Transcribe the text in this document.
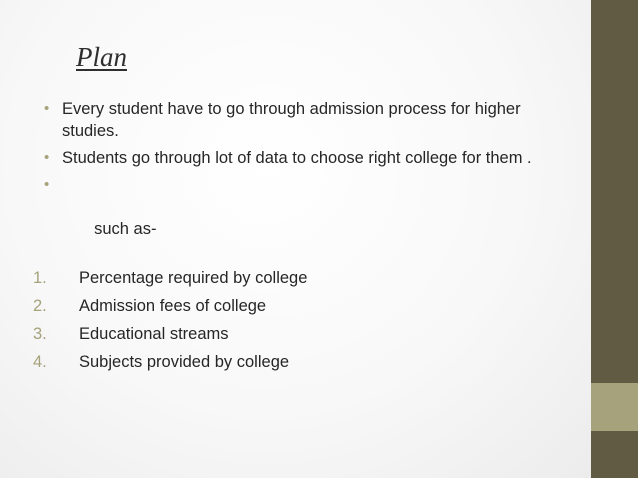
Plan
• Every student have to go through admission process for higher studies.
• Students go through lot of data to choose right college for them .

•

such as-

1. Percentage required by college
2. Admission fees of college
3. Educational streams
4. Subjects provided by college
